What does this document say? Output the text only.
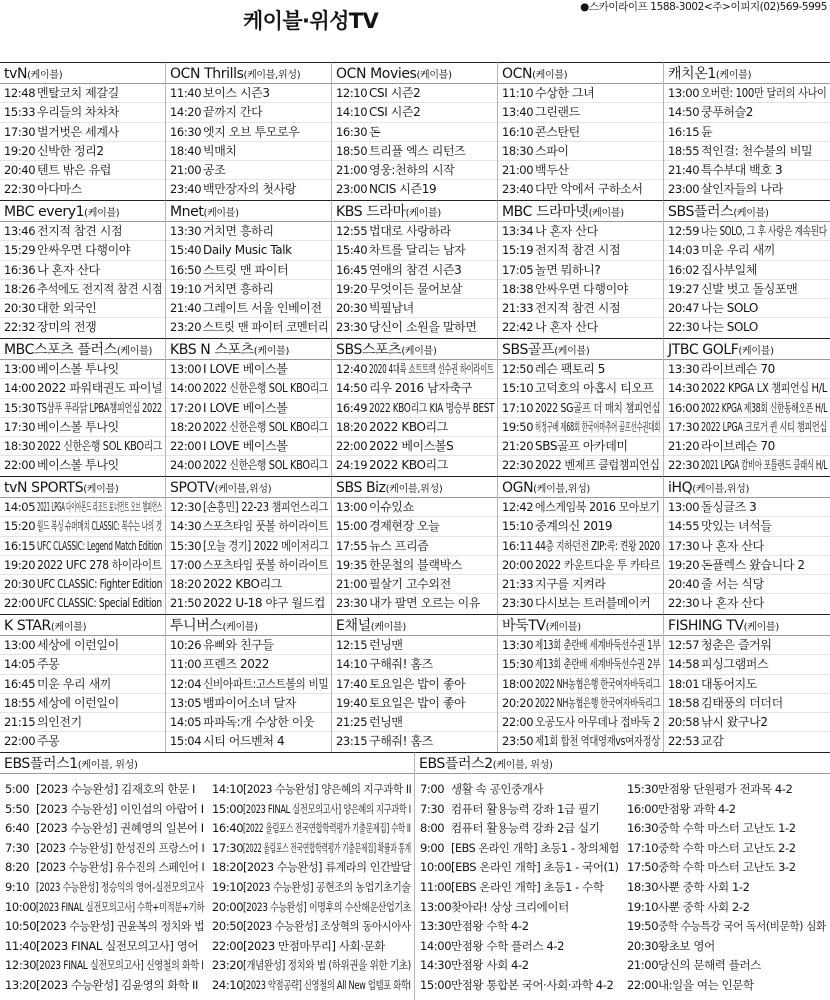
케이블·위성TV
●스카이라이프 1588-3002<주>이피지(02)569-5995
tvN(케이블)
12:48 멘탈코치 제갈길
15:33 우리들의 차차차
17:30 벌거벗은 세계사
19:20 신박한 정리2
20:40 텐트 밖은 유럽
22:30 아다마스
OCN Thrills(케이블,위성)
11:40 보이스 시즌3
14:20 끝까지 간다
16:30 엣지 오브 투모로우
18:40 빅매치
21:00 공조
23:40 백만장자의 첫사랑
OCN Movies(케이블)
12:10 CSI 시즌2
14:10 CSI 시즌2
16:30 돈
18:50 트리플 엑스 리턴즈
21:00 영웅:천하의 시작
23:00 NCIS 시즌19
OCN(케이블)
11:10 수상한 그녀
13:40 그린랜드
16:10 콘스탄틴
18:30 스파이
21:00 백두산
23:40 다만 악에서 구하소서
캐치온1(케이블)
13:00 오버런: 100만 달러의 사나이
14:50 쿵푸허슬2
16:15 듄
18:55 적인걸: 천수불의 비밀
21:40 특수부대 백호 3
23:00 살인자들의 나라
MBC every1(케이블)
13:46 전지적 참견 시점
15:29 안싸우면 다행이야
16:36 나 혼자 산다
18:26 추석에도 전지적 참견 시점
20:30 대한 외국인
22:32 장미의 전쟁
Mnet(케이블)
13:30 거치면 흥하리
15:40 Daily Music Talk
16:50 스트릿 맨 파이터
19:10 거치면 흥하리
21:40 그레이트 서울 인베이전
23:20 스트릿 맨 파이터 코멘터리
KBS 드라마(케이블)
12:55 법대로 사랑하라
15:40 차트를 달리는 남자
16:45 연애의 참견 시즌3
19:20 무엇이든 물어보살
20:30 빅필남녀
23:30 당신이 소원을 말하면
MBC 드라마넷(케이블)
13:34 나 혼자 산다
15:19 전지적 참견 시점
17:05 놀면 뭐하니?
18:38 안싸우면 다행이야
21:33 전지적 참견 시점
22:42 나 혼자 산다
SBS플러스(케이블)
12:59 나는 SOLO, 그 후 사랑은 계속된다
14:03 미운 우리 새끼
16:02 집사부일체
19:27 신발 벗고 돌싱포맨
20:47 나는 SOLO
22:30 나는 SOLO
MBC스포츠 플러스(케이블)
13:00 베이스볼 투나잇
14:00 2022 파워태권도 파이널
15:30 TS샴푸 푸라닭 LPBA챔피언십 2022
17:30 베이스볼 투나잇
18:30 2022 신한은행 SOL KBO리그
22:00 베이스볼 투나잇
KBS N 스포츠(케이블)
13:00 I LOVE 베이스볼
14:00 2022 신한은행 SOL KBO리그
17:20 I LOVE 베이스볼
18:20 2022 신한은행 SOL KBO리그
22:00 I LOVE 베이스볼
24:00 2022 신한은행 SOL KBO리그
SBS스포츠(케이블)
12:40 2020 4대륙 쇼트트랙 선수권 하이라이트
14:50 리우 2016 남자축구
16:49 2022 KBO리그 KIA 명승부 BEST
18:20 2022 KBO리그
22:00 2022 베이스볼S
24:19 2022 KBO리그
SBS골프(케이블)
12:50 레슨 팩토리 5
15:10 고덕호의 아홉시 티오프
17:10 2022 SG골프 더 매치 챔피언십
19:50 허정구배 제68회 한국아마추어 골프선수권대회
21:20 SBS골프 아카데미
22:30 2022 벤제프 클럽챔피언십
JTBC GOLF(케이블)
13:30 라이브레슨 70
14:30 2022 KPGA LX 챔피언십 H/L
16:00 2022 KPGA 제38회 신한동해오픈 H/L
17:30 2022 LPGA 크로거 퀸 시티 챔피언십
21:20 라이브레슨 70
22:30 2021 LPGA 캄비아 포틀랜드 클래식 H/L
tvN SPORTS(케이블)
14:05 2021 LPGA 다이아몬드 리조트 토너먼트 오브 챔피언스
15:20 월드 복싱 슈퍼매치 CLASSIC: 복수는 나의 것
16:15 UFC CLASSIC: Legend Match Edition
19:20 2022 UFC 278 하이라이트
20:30 UFC CLASSIC: Fighter Edition
22:00 UFC CLASSIC: Special Edition
SPOTV(케이블,위성)
12:30 [손흥민] 22-23 챔피언스리그
14:30 스포츠타임 풋볼 하이라이트
15:30 [오늘 경기] 2022 메이저리그
17:00 스포츠타임 풋볼 하이라이트
18:20 2022 KBO리그
21:50 2022 U-18 야구 월드컵
SBS Biz(케이블,위성)
13:00 이슈있쇼
15:00 경제현장 오늘
17:55 뉴스 프리즘
19:35 한문철의 블랙박스
21:00 필살기 고수외전
23:30 내가 팔면 오르는 이유
OGN(케이블,위성)
12:42 에스게임북 2016 모아보기
15:10 중계의신 2019
16:11 44층 지하던전 ZIP:콕: 켠왕 2020
20:00 2022 카운트다운 투 카타르
21:33 지구를 지켜라
23:30 다시보는 트러블메이커
iHQ(케이블,위성)
13:00 돌싱글즈 3
14:55 맛있는 녀석들
17:30 나 혼자 산다
19:20 돈플렉스 왔습니다 2
20:40 줄 서는 식당
22:30 나 혼자 산다
K STAR(케이블)
13:00 세상에 이런일이
14:05 주몽
16:45 미운 우리 새끼
18:55 세상에 이런일이
21:15 의인전기
22:00 주몽
투니버스(케이블)
10:26 유삐와 친구들
11:00 프렌즈 2022
12:04 신비아파트:고스트볼의 비밀
13:05 뱀파이어소녀 달자
14:05 파파독:개 수상한 이웃
15:04 시티 어드벤처 4
E채널(케이블)
12:15 런닝맨
14:10 구해줘! 홈즈
17:40 토요일은 밥이 좋아
19:40 토요일은 밥이 좋아
21:25 런닝맨
23:15 구해줘! 홈즈
바둑TV(케이블)
13:30 제13회 춘란배 세계바둑선수권 1부
15:30 제13회 춘란배 세계바둑선수권 2부
18:00 2022 NH농협은행 한국여자바둑리그
20:20 2022 NH농협은행 한국여자바둑리그
22:00 오공도사 아무데나 접바둑 2
23:50 제1회 합천 역대영재vs여자정상
FISHING TV(케이블)
12:57 청춘은 즐거워
14:58 피싱그램퍼스
18:01 대동어지도
18:58 김태풍의 더더더
20:58 낚시 왔구나2
22:53 교감
EBS플러스1(케이블, 위성)
5:00 [2023 수능완성] 김재호의 한문 I
5:50 [2023 수능완성] 이인섭의 아랍어 I
6:40 [2023 수능완성] 권혜영의 일본어 I
7:30 [2023 수능완성] 한성진의 프랑스어 I
8:20 [2023 수능완성] 유수진의 스페인어 I
9:10 [2023 수능완성] 정승익의 영어-실전모의고사
10:00 [2023 FINAL 실전모의고사] 수학+미적분+기하
10:50 [2023 수능완성] 권윤복의 정치와 법
11:40 [2023 FINAL 실전모의고사] 영어
12:30 [2023 FINAL 실전모의고사] 신영철의 화학 I
13:20 [2023 수능완성] 김윤영의 화학 II
14:10 [2023 수능완성] 양은혜의 지구과학 II
15:00 [2023 FINAL 실전모의고사] 양은혜의 지구과학 I
16:40 [2022 올림포스 전국연합학력평가 기출문제집] 수학 II
17:30 [2022 올림포스 전국연합학력평가 기출문제집] 확률과 통계
18:20 [2023 수능완성] 류계라의 인간발달
19:10 [2023 수능완성] 공현조의 농업기초기술
20:00 [2023 수능완성] 이명후의 수산해운산업기초
20:50 [2023 수능완성] 조상혁의 동아시아사
22:00 [2023 만점마무리] 사회·문화
23:20 [개념완성] 정치와 법 (하위권을 위한 기초)
24:10 [2023 약점공략] 신영철의 All New 업템포 화학I
EBS플러스2(케이블, 위성)
7:00 생활 속 공인중개사
7:30 컴퓨터 활용능력 강좌 1급 필기
8:00 컴퓨터 활용능력 강좌 2급 실기
9:00 [EBS 온라인 개학] 초등1 - 창의체험
10:00 [EBS 온라인 개학] 초등1 - 국어(1)
11:00 [EBS 온라인 개학] 초등1 - 수학
13:00 찾아라! 상상 크리에이터
13:30 만점왕 수학 4-2
14:00 만점왕 수학 플러스 4-2
14:30 만점왕 사회 4-2
15:00 만점왕 통합본 국어·사회·과학 4-2
15:30 만점왕 단원평가 전과목 4-2
16:00 만점왕 과학 4-2
16:30 중학 수학 마스터 고난도 1-2
17:10 중학 수학 마스터 고난도 2-2
17:50 중학 수학 마스터 고난도 3-2
18:30 사뿐 중학 사회 1-2
19:10 사뿐 중학 사회 2-2
19:50 중학 수능특강 국어 독서(비문학) 심화
20:30 왕초보 영어
21:00 당신의 문해력 플러스
22:00 내:일을 여는 인문학
